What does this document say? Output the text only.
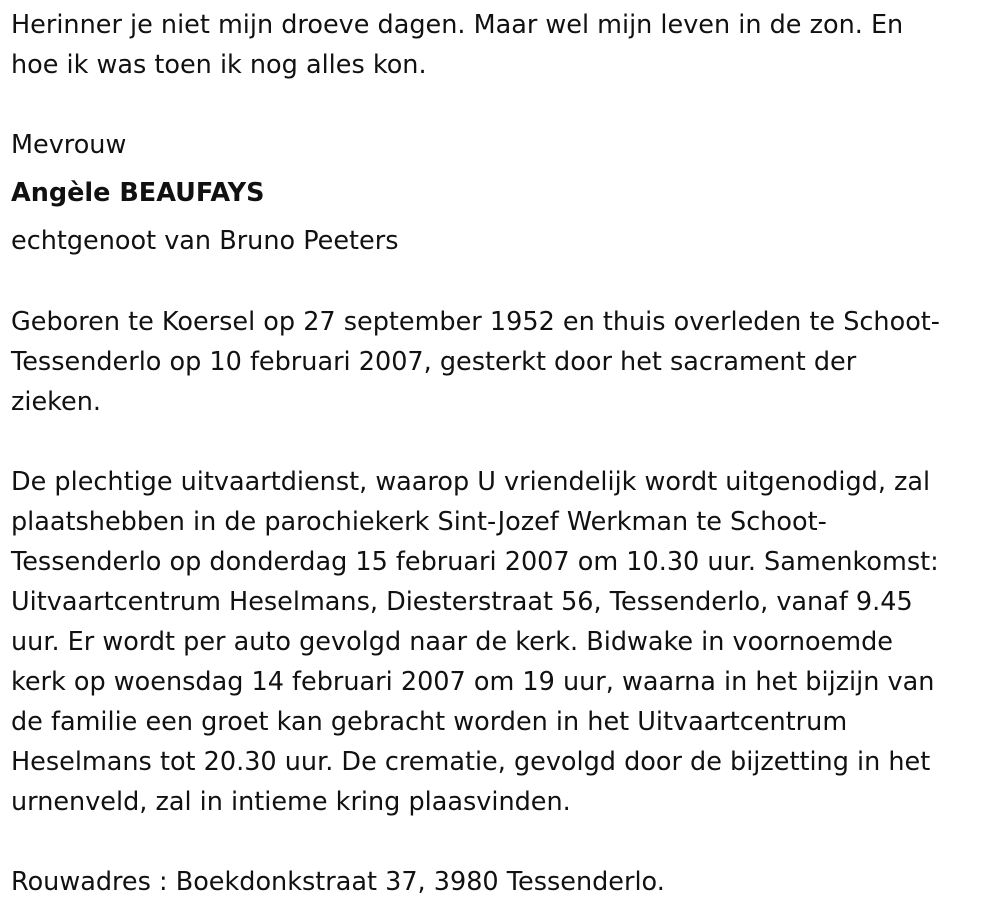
Herinner je niet mijn droeve dagen. Maar wel mijn leven in de zon. En
hoe ik was toen ik nog alles kon.
Mevrouw
Angèle BEAUFAYS
echtgenoot van Bruno Peeters
Geboren te Koersel op 27 september 1952 en thuis overleden te Schoot-
Tessenderlo op 10 februari 2007, gesterkt door het sacrament der
zieken.
De plechtige uitvaartdienst, waarop U vriendelijk wordt uitgenodigd, zal
plaatshebben in de parochiekerk Sint-Jozef Werkman te Schoot-
Tessenderlo op donderdag 15 februari 2007 om 10.30 uur. Samenkomst:
Uitvaartcentrum Heselmans, Diesterstraat 56, Tessenderlo, vanaf 9.45
uur. Er wordt per auto gevolgd naar de kerk. Bidwake in voornoemde
kerk op woensdag 14 februari 2007 om 19 uur, waarna in het bijzijn van
de familie een groet kan gebracht worden in het Uitvaartcentrum
Heselmans tot 20.30 uur. De crematie, gevolgd door de bijzetting in het
urnenveld, zal in intieme kring plaasvinden.
Rouwadres : Boekdonkstraat 37, 3980 Tessenderlo.
